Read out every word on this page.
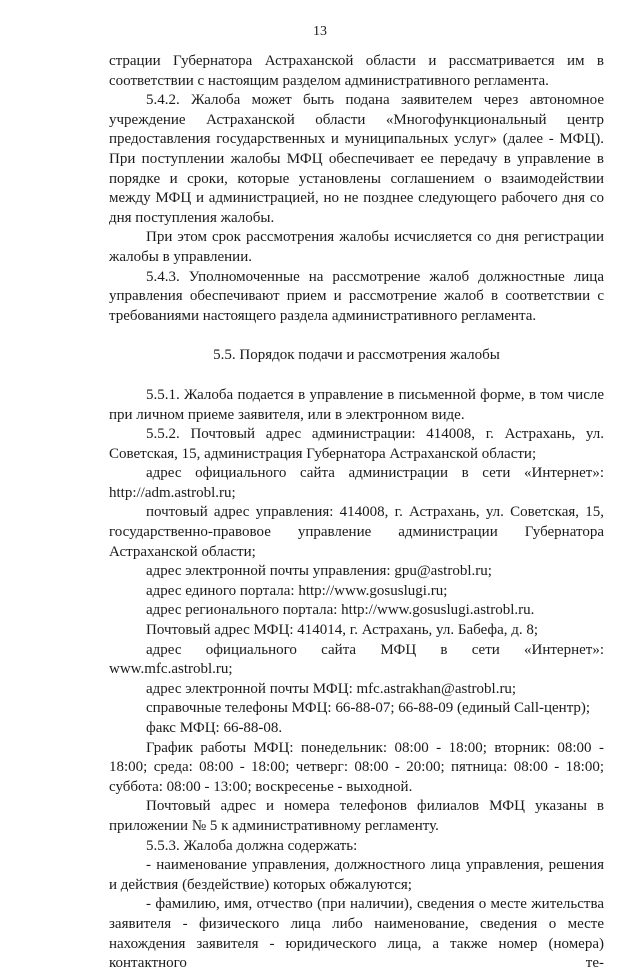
13

страции Губернатора Астраханской области и рассматривается им в соответствии с настоящим разделом административного регламента.

5.4.2. Жалоба может быть подана заявителем через автономное учреждение Астраханской области «Многофункциональный центр предоставления государственных и муниципальных услуг» (далее - МФЦ). При поступлении жалобы МФЦ обеспечивает ее передачу в управление в порядке и сроки, которые установлены соглашением о взаимодействии между МФЦ и администрацией, но не позднее следующего рабочего дня со дня поступления жалобы.

При этом срок рассмотрения жалобы исчисляется со дня регистрации жалобы в управлении.

5.4.3. Уполномоченные на рассмотрение жалоб должностные лица управления обеспечивают прием и рассмотрение жалоб в соответствии с требованиями настоящего раздела административного регламента.

5.5. Порядок подачи и рассмотрения жалобы

5.5.1. Жалоба подается в управление в письменной форме, в том числе при личном приеме заявителя, или в электронном виде.

5.5.2. Почтовый адрес администрации: 414008, г. Астрахань, ул. Советская, 15, администрация Губернатора Астраханской области;

адрес официального сайта администрации в сети «Интернет»: http://adm.astrobl.ru;

почтовый адрес управления: 414008, г. Астрахань, ул. Советская, 15, государственно-правовое управление администрации Губернатора Астраханской области;

адрес электронной почты управления: gpu@astrobl.ru;

адрес единого портала: http://www.gosuslugi.ru;

адрес регионального портала: http://www.gosuslugi.astrobl.ru.

Почтовый адрес МФЦ: 414014, г. Астрахань, ул. Бабефа, д. 8;

адрес официального сайта МФЦ в сети «Интернет»: www.mfc.astrobl.ru;

адрес электронной почты МФЦ: mfc.astrakhan@astrobl.ru;

справочные телефоны МФЦ: 66-88-07; 66-88-09 (единый Call-центр);

факс МФЦ: 66-88-08.

График работы МФЦ: понедельник: 08:00 - 18:00; вторник: 08:00 - 18:00; среда: 08:00 - 18:00; четверг: 08:00 - 20:00; пятница: 08:00 - 18:00; суббота: 08:00 - 13:00; воскресенье - выходной.

Почтовый адрес и номера телефонов филиалов МФЦ указаны в приложении № 5 к административному регламенту.

5.5.3. Жалоба должна содержать:

- наименование управления, должностного лица управления, решения и действия (бездействие) которых обжалуются;

- фамилию, имя, отчество (при наличии), сведения о месте жительства заявителя - физического лица либо наименование, сведения о месте нахождения заявителя - юридического лица, а также номер (номера) контактного те-
